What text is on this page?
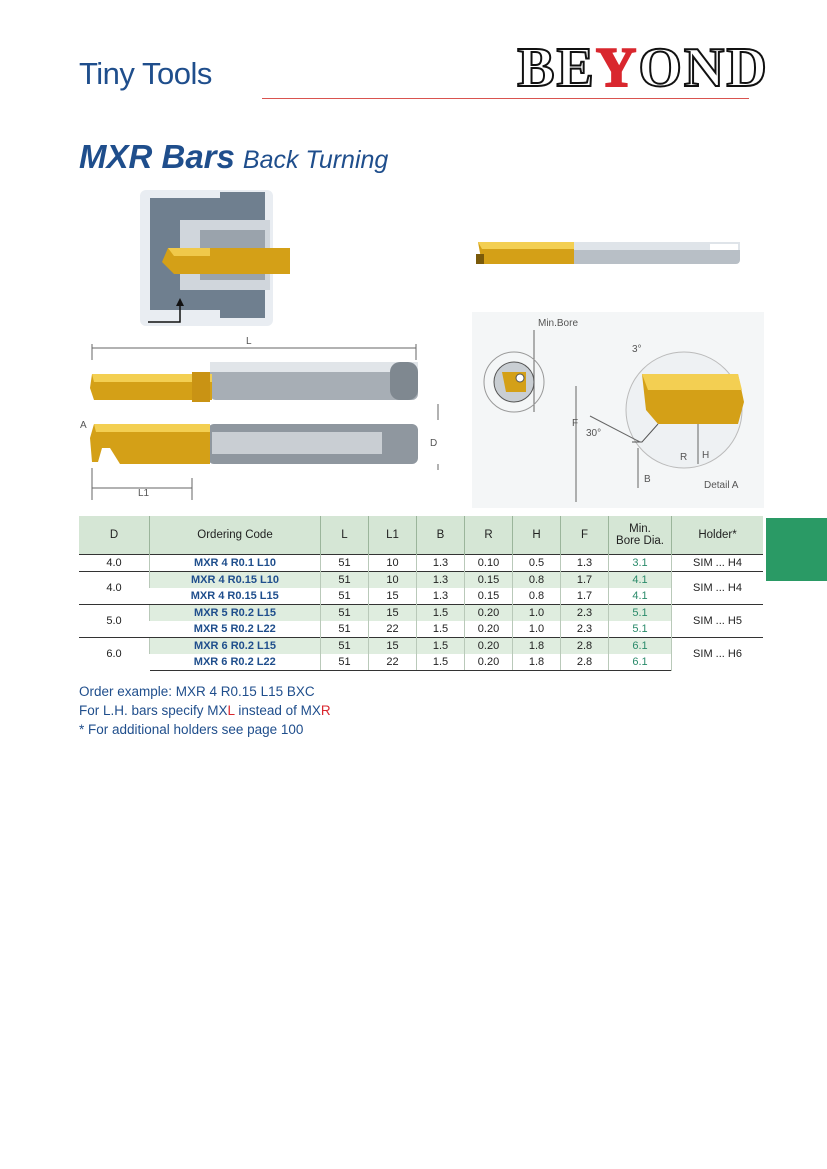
Tiny Tools	BEYOND
MXR Bars Back Turning
L
A
L1
D
Min.Bore
3°
F
30°
B
R H
Detail A
D	Ordering Code	L	L1	B	R	H	F	Min.
Bore Dia.	Holder*
4.0	MXR 4 R0.1 L10	51	10	1.3	0.10	0.5	1.3	3.1	SIM ... H4
4.0	MXR 4 R0.15 L10	51	10	1.3	0.15	0.8	1.7	4.1	SIM ... H4
	MXR 4 R0.15 L15	51	15	1.3	0.15	0.8	1.7	4.1	
5.0	MXR 5 R0.2 L15	51	15	1.5	0.20	1.0	2.3	5.1	SIM ... H5
	MXR 5 R0.2 L22	51	22	1.5	0.20	1.0	2.3	5.1	
6.0	MXR 6 R0.2 L15	51	15	1.5	0.20	1.8	2.8	6.1	SIM ... H6
	MXR 6 R0.2 L22	51	22	1.5	0.20	1.8	2.8	6.1	
Order example: MXR 4 R0.15 L15 BXC
For L.H. bars specify MXL instead of MXR
* For additional holders see page 100
